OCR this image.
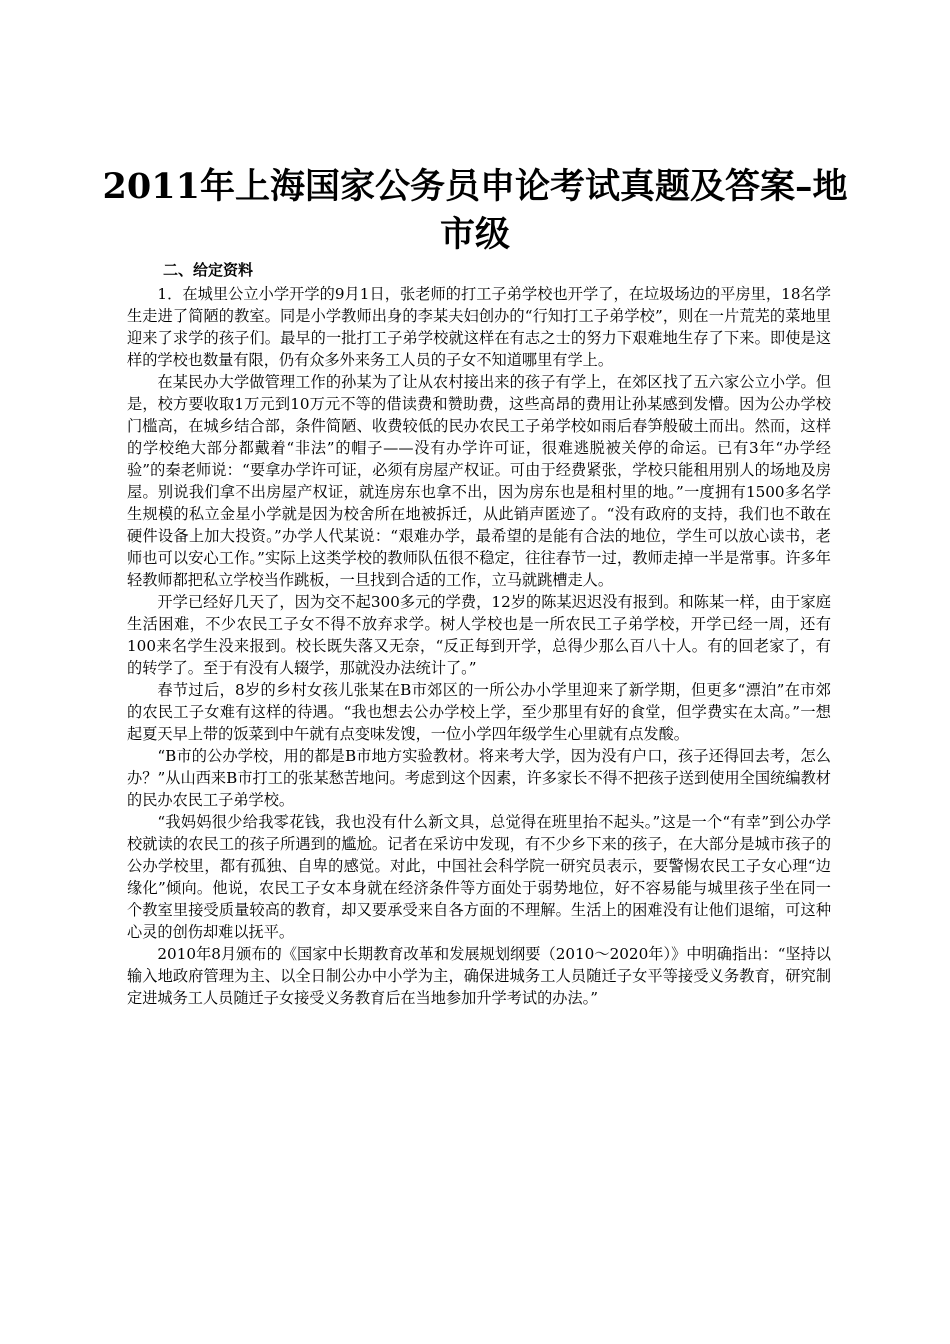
2011年上海国家公务员申论考试真题及答案–地市级
二、给定资料

1．在城里公立小学开学的9月1日，张老师的打工子弟学校也开学了，在垃圾场边的平房里，18名学生走进了简陋的教室。同是小学教师出身的李某夫妇创办的“行知打工子弟学校”，则在一片荒芜的菜地里迎来了求学的孩子们。最早的一批打工子弟学校就这样在有志之士的努力下艰难地生存了下来。即使是这样的学校也数量有限，仍有众多外来务工人员的子女不知道哪里有学上。

在某民办大学做管理工作的孙某为了让从农村接出来的孩子有学上，在郊区找了五六家公立小学。但是，校方要收取1万元到10万元不等的借读费和赞助费，这些高昂的费用让孙某感到发懵。因为公办学校门槛高，在城乡结合部，条件简陋、收费较低的民办农民工子弟学校如雨后春笋般破土而出。然而，这样的学校绝大部分都戴着“非法”的帽子——没有办学许可证，很难逃脱被关停的命运。已有3年“办学经验”的秦老师说：“要拿办学许可证，必须有房屋产权证。可由于经费紧张，学校只能租用别人的场地及房屋。别说我们拿不出房屋产权证，就连房东也拿不出，因为房东也是租村里的地。”一度拥有1500多名学生规模的私立金星小学就是因为校舍所在地被拆迁，从此销声匿迹了。“没有政府的支持，我们也不敢在硬件设备上加大投资。”办学人代某说：“艰难办学，最希望的是能有合法的地位，学生可以放心读书，老师也可以安心工作。”实际上这类学校的教师队伍很不稳定，往往春节一过，教师走掉一半是常事。许多年轻教师都把私立学校当作跳板，一旦找到合适的工作，立马就跳槽走人。

开学已经好几天了，因为交不起300多元的学费，12岁的陈某迟迟没有报到。和陈某一样，由于家庭生活困难，不少农民工子女不得不放弃求学。树人学校也是一所农民工子弟学校，开学已经一周，还有100来名学生没来报到。校长既失落又无奈，“反正每到开学，总得少那么百八十人。有的回老家了，有的转学了。至于有没有人辍学，那就没办法统计了。”

春节过后，8岁的乡村女孩儿张某在B市郊区的一所公办小学里迎来了新学期，但更多“漂泊”在市郊的农民工子女难有这样的待遇。“我也想去公办学校上学，至少那里有好的食堂，但学费实在太高。”一想起夏天早上带的饭菜到中午就有点变味发馊，一位小学四年级学生心里就有点发酸。

“B市的公办学校，用的都是B市地方实验教材。将来考大学，因为没有户口，孩子还得回去考，怎么办？”从山西来B市打工的张某愁苦地问。考虑到这个因素，许多家长不得不把孩子送到使用全国统编教材的民办农民工子弟学校。

“我妈妈很少给我零花钱，我也没有什么新文具，总觉得在班里抬不起头。”这是一个“有幸”到公办学校就读的农民工的孩子所遇到的尴尬。记者在采访中发现，有不少乡下来的孩子，在大部分是城市孩子的公办学校里，都有孤独、自卑的感觉。对此，中国社会科学院一研究员表示，要警惕农民工子女心理“边缘化”倾向。他说，农民工子女本身就在经济条件等方面处于弱势地位，好不容易能与城里孩子坐在同一个教室里接受质量较高的教育，却又要承受来自各方面的不理解。生活上的困难没有让他们退缩，可这种心灵的创伤却难以抚平。

2010年8月颁布的《国家中长期教育改革和发展规划纲要（2010～2020年）》中明确指出：“坚持以输入地政府管理为主、以全日制公办中小学为主，确保进城务工人员随迁子女平等接受义务教育，研究制定进城务工人员随迁子女接受义务教育后在当地参加升学考试的办法。”
